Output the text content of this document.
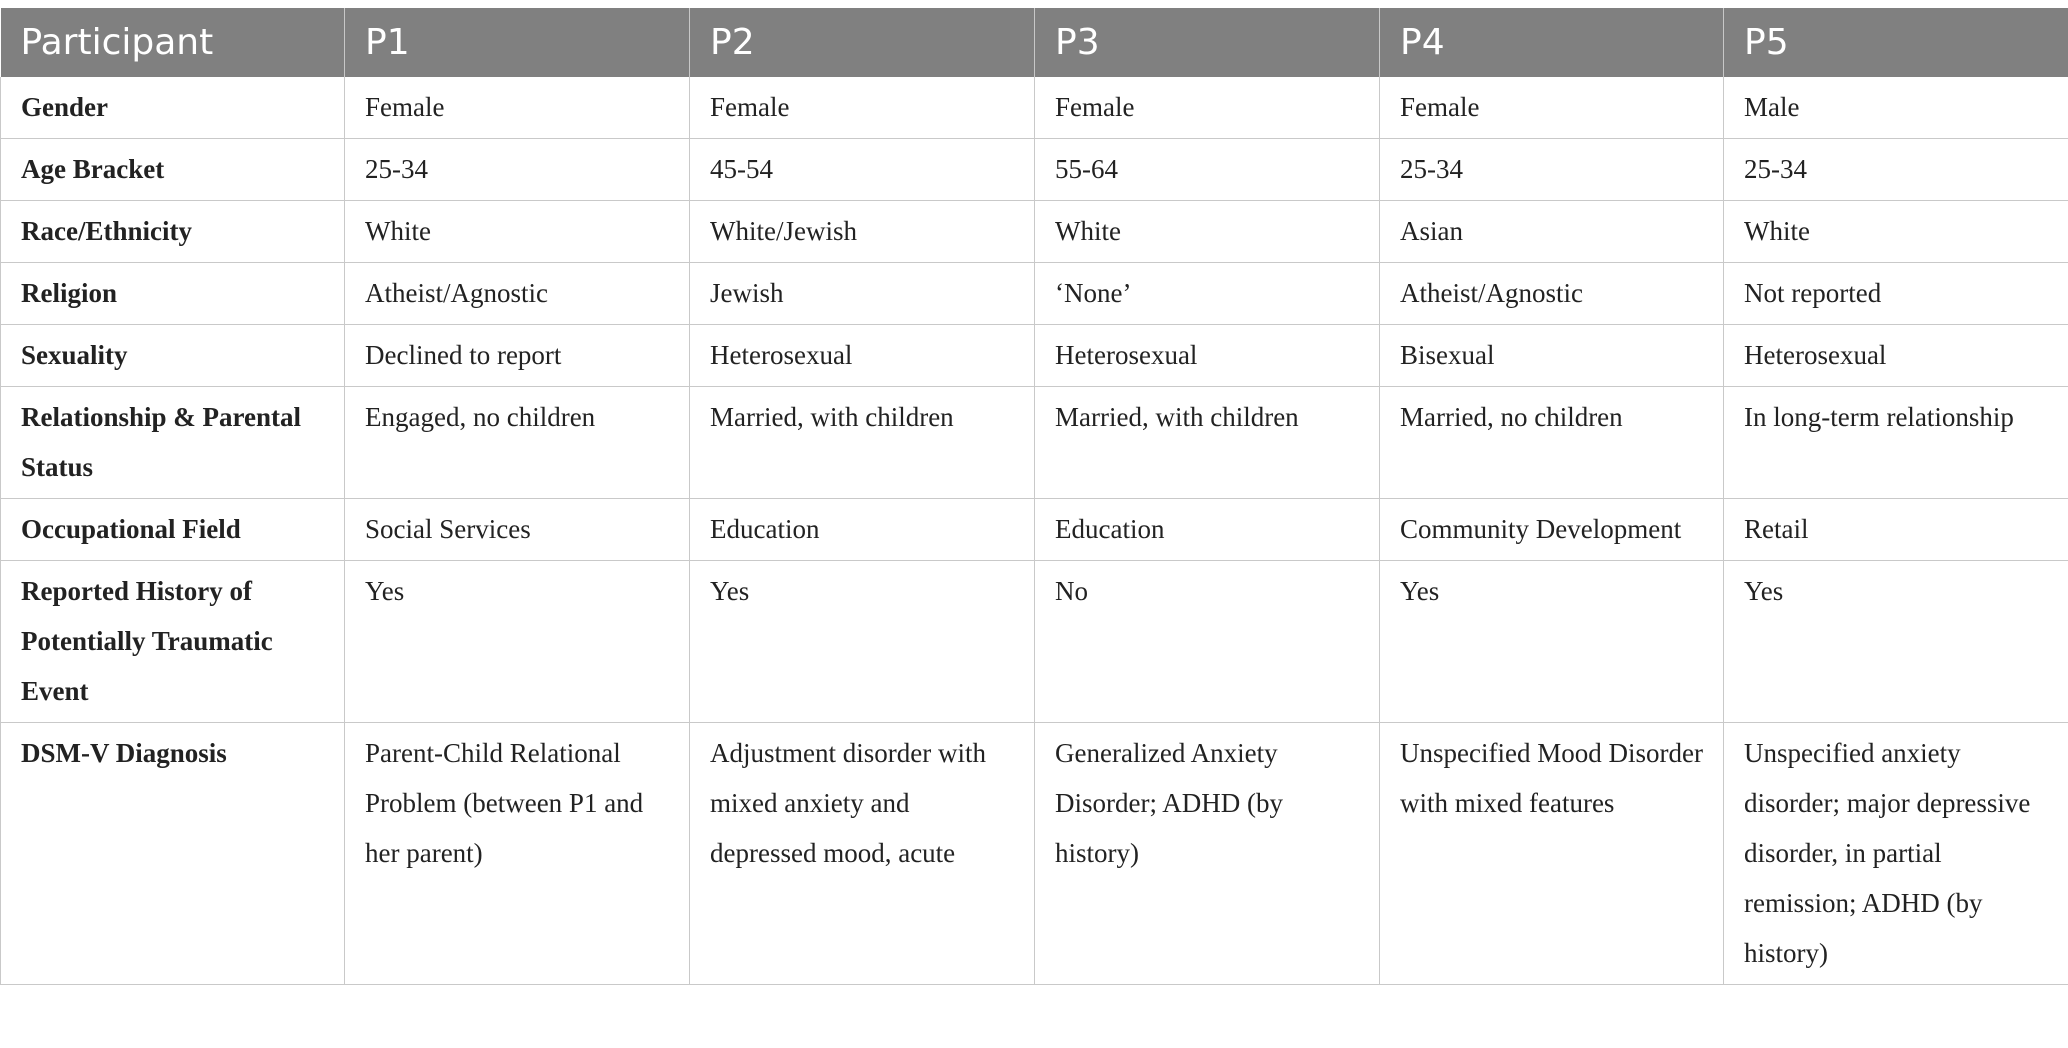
Participant	P1	P2	P3	P4	P5
Gender	Female	Female	Female	Female	Male
Age Bracket	25-34	45-54	55-64	25-34	25-34
Race/Ethnicity	White	White/Jewish	White	Asian	White
Religion	Atheist/Agnostic	Jewish	‘None’	Atheist/Agnostic	Not reported
Sexuality	Declined to report	Heterosexual	Heterosexual	Bisexual	Heterosexual
Relationship & Parental Status	Engaged, no children	Married, with children	Married, with children	Married, no children	In long-term relationship
Occupational Field	Social Services	Education	Education	Community Development	Retail
Reported History of Potentially Traumatic Event	Yes	Yes	No	Yes	Yes
DSM-V Diagnosis	Parent-Child Relational Problem (between P1 and her parent)	Adjustment disorder with mixed anxiety and depressed mood, acute	Generalized Anxiety Disorder; ADHD (by history)	Unspecified Mood Disorder with mixed features	Unspecified anxiety disorder; major depressive disorder, in partial remission; ADHD (by history)
